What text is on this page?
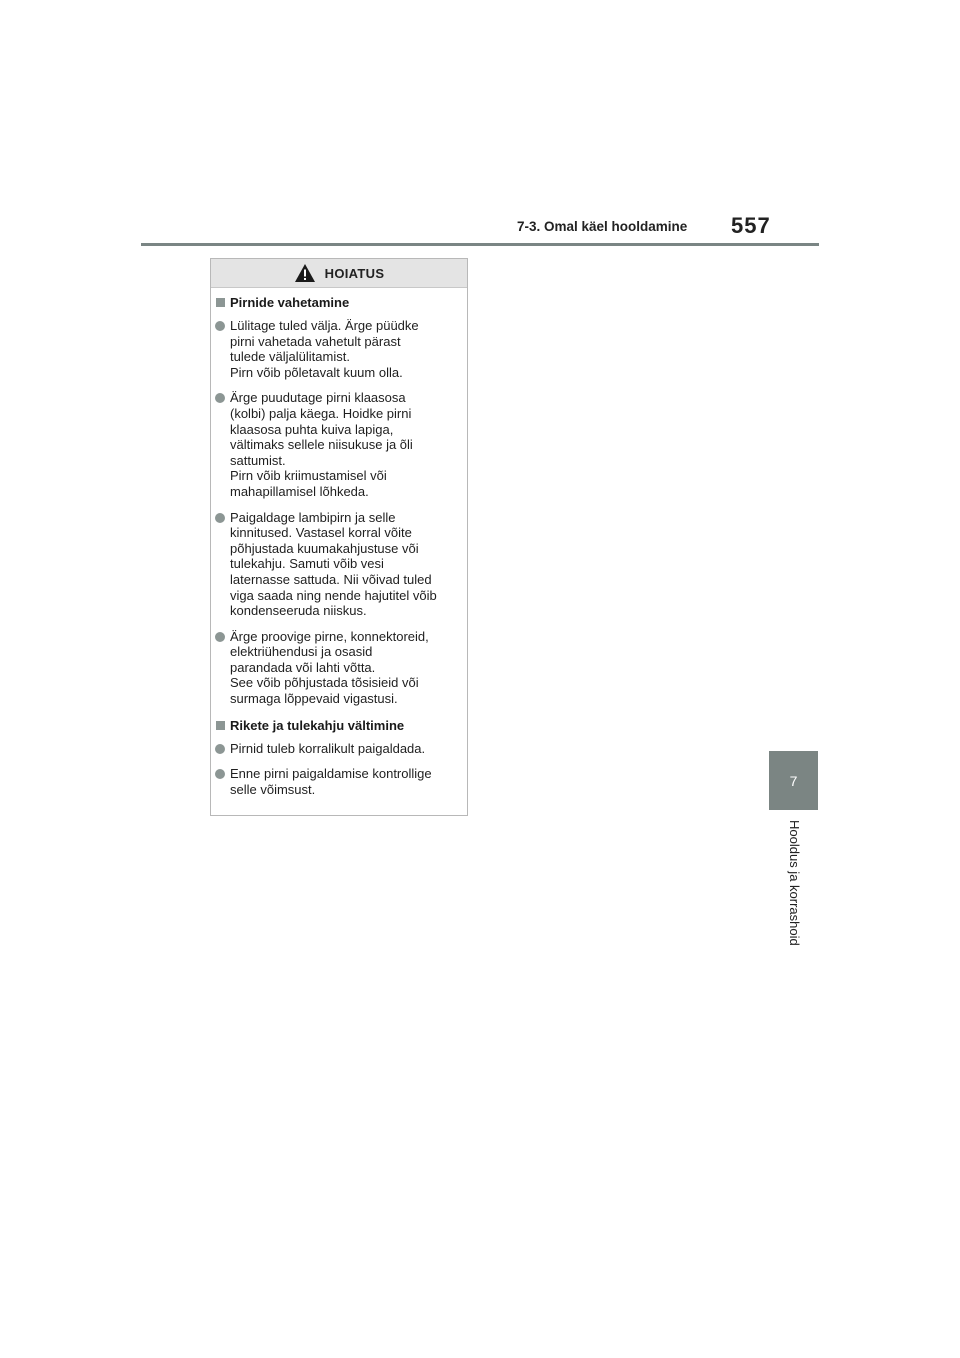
7-3. Omal käel hooldamine 557
7
Hooldus ja korrashoid
HOIATUS
Pirnide vahetamine
Lülitage tuled välja. Ärge püüdke
pirni vahetada vahetult pärast
tulede väljalülitamist.
Pirn võib põletavalt kuum olla.
Ärge puudutage pirni klaasosa
(kolbi) palja käega. Hoidke pirni
klaasosa puhta kuiva lapiga,
vältimaks sellele niisukuse ja õli
sattumist.
Pirn võib kriimustamisel või
mahapillamisel lõhkeda.
Paigaldage lambipirn ja selle
kinnitused. Vastasel korral võite
põhjustada kuumakahjustuse või
tulekahju. Samuti võib vesi
laternasse sattuda. Nii võivad tuled
viga saada ning nende hajutitel võib
kondenseeruda niiskus.
Ärge proovige pirne, konnektoreid,
elektriühendusi ja osasid
parandada või lahti võtta.
See võib põhjustada tõsisieid või
surmaga lõppevaid vigastusi.
Rikete ja tulekahju vältimine
Pirnid tuleb korralikult paigaldada.
Enne pirni paigaldamise kontrollige
selle võimsust.
